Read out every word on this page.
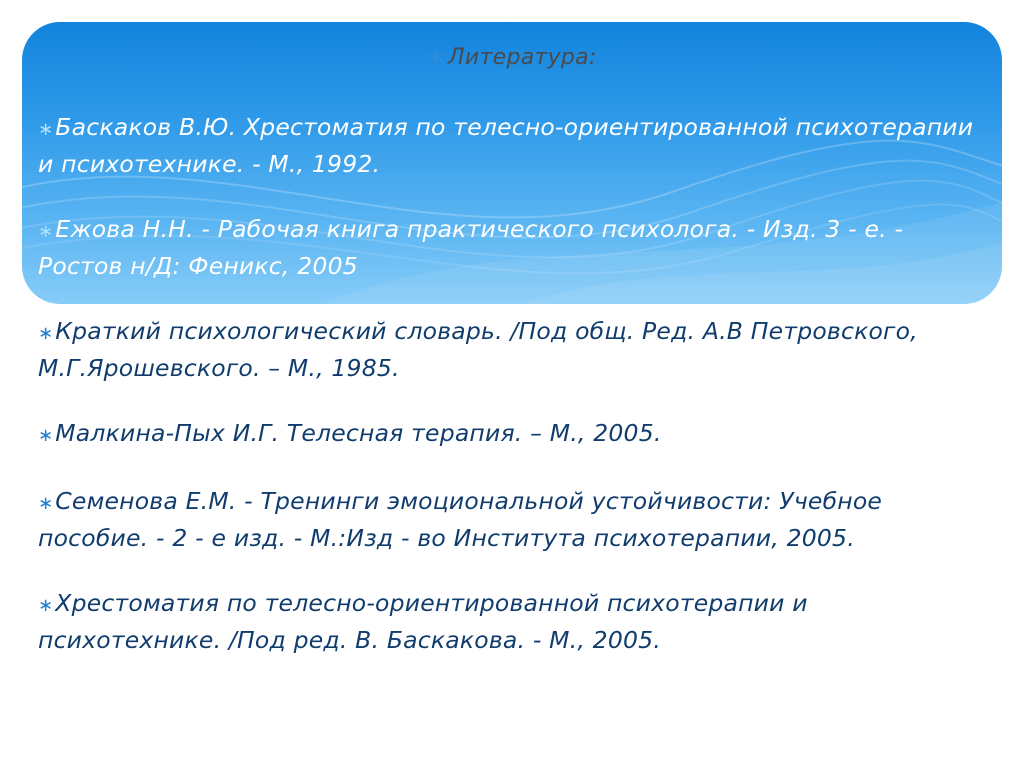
∗Литература:
∗Баскаков В.Ю. Хрестоматия по телесно-ориентированной психотерапии и психотехнике. - М., 1992.
∗Ежова Н.Н. - Рабочая книга практического психолога. - Изд. 3 - е. - Ростов н/Д: Феникс, 2005
∗Краткий психологический словарь. /Под общ. Ред. А.В Петровского, М.Г.Ярошевского. – М., 1985.
∗Малкина-Пых И.Г. Телесная терапия. – М., 2005.
∗Семенова Е.М. - Тренинги эмоциональной устойчивости: Учебное пособие. - 2 - е изд. - М.:Изд - во Института психотерапии, 2005.
∗Хрестоматия по телесно-ориентированной психотерапии и психотехнике. /Под ред. В. Баскакова. - М., 2005.
